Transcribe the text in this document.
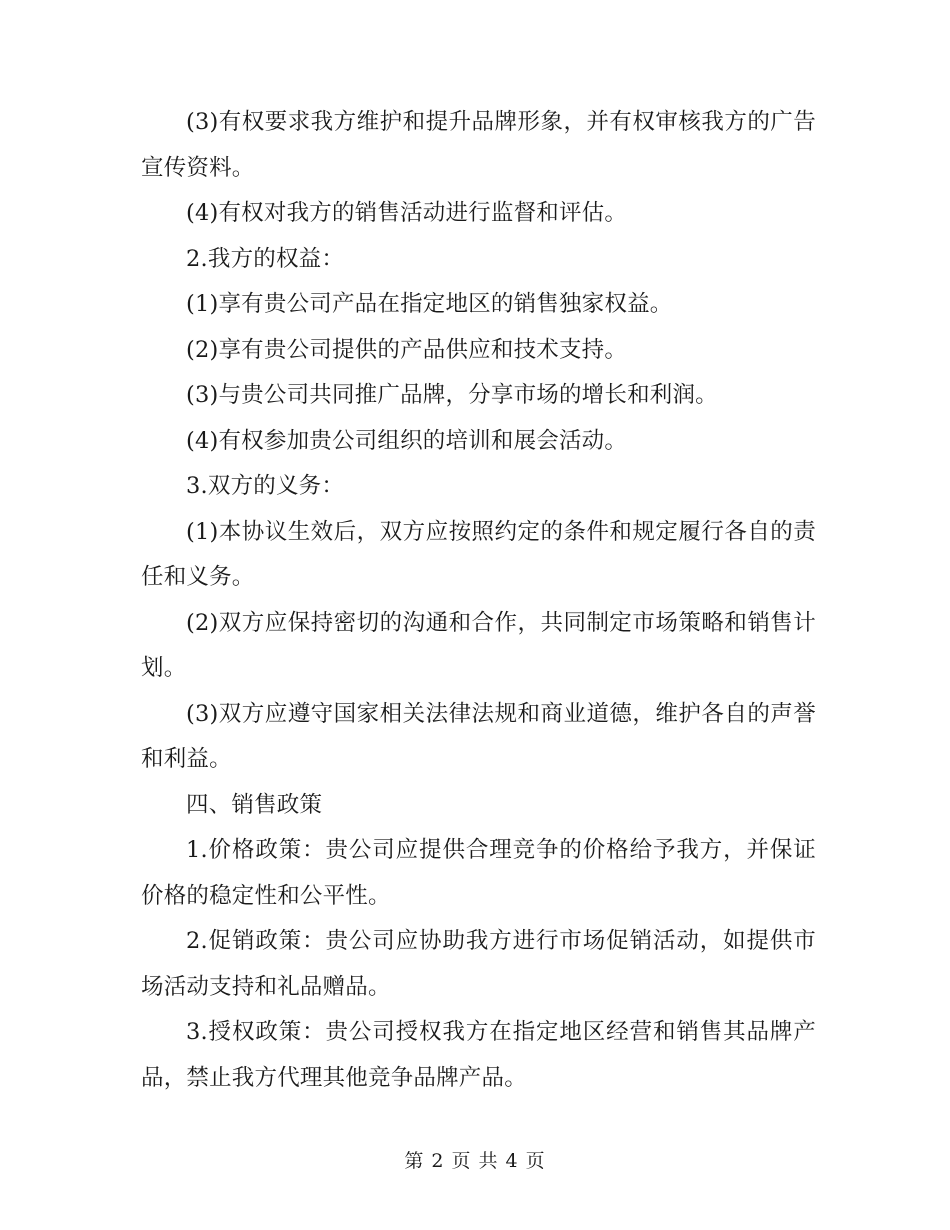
(3)有权要求我方维护和提升品牌形象，并有权审核我方的广告宣传资料。

(4)有权对我方的销售活动进行监督和评估。

2.我方的权益：

(1)享有贵公司产品在指定地区的销售独家权益。

(2)享有贵公司提供的产品供应和技术支持。

(3)与贵公司共同推广品牌，分享市场的增长和利润。

(4)有权参加贵公司组织的培训和展会活动。

3.双方的义务：

(1)本协议生效后，双方应按照约定的条件和规定履行各自的责任和义务。

(2)双方应保持密切的沟通和合作，共同制定市场策略和销售计划。

(3)双方应遵守国家相关法律法规和商业道德，维护各自的声誉和利益。

四、销售政策

1.价格政策：贵公司应提供合理竞争的价格给予我方，并保证价格的稳定性和公平性。

2.促销政策：贵公司应协助我方进行市场促销活动，如提供市场活动支持和礼品赠品。

3.授权政策：贵公司授权我方在指定地区经营和销售其品牌产品，禁止我方代理其他竞争品牌产品。

第 2 页 共 4 页
